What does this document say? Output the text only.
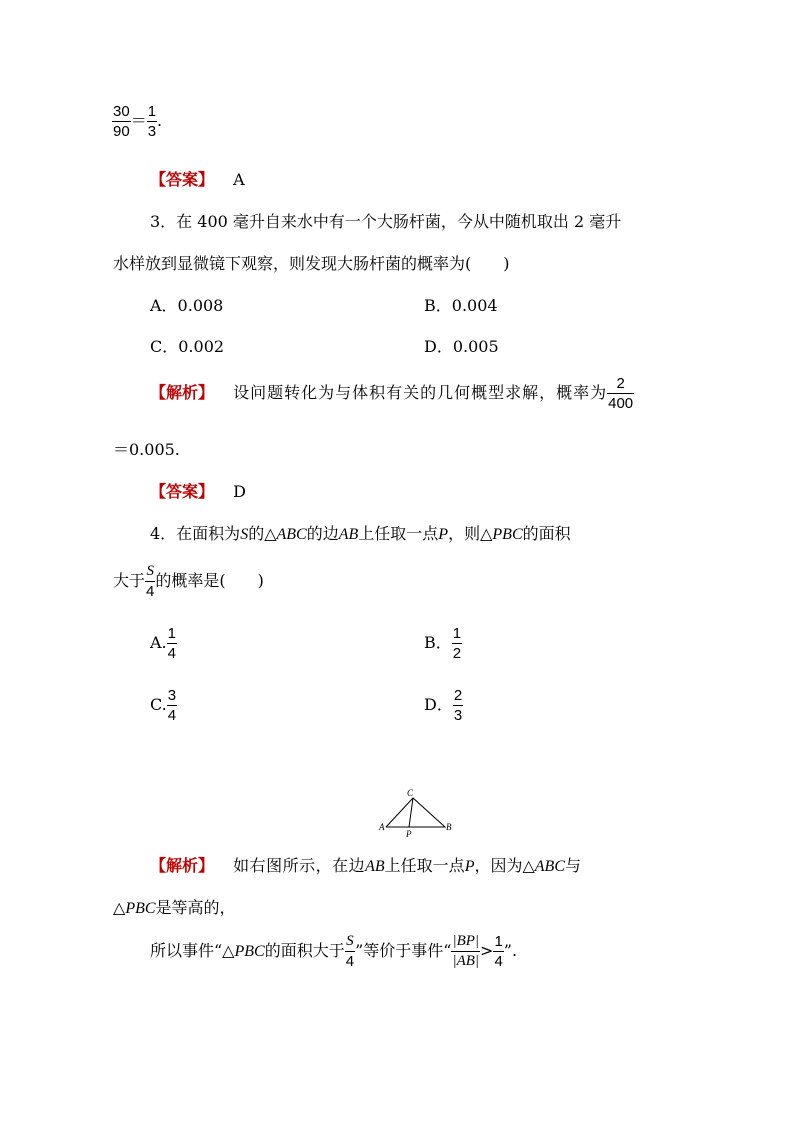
$\frac{30}{90} = \frac{1}{3}$ .
【答案】 A
3．在 400 毫升自来水中有一个大肠杆菌，今从中随机取出 2 毫升
水样放到显微镜下观察，则发现大肠杆菌的概率为(　　)
A．0.008	B．0.004
C．0.002	D．0.005
【解析】 设问题转化为与体积有关的几何概型求解，概率为 $\frac{2}{400}$
＝0.005.
【答案】 D
4．在面积为S的△ABC的边AB上任取一点P，则△PBC的面积
大于 $\frac{S}{4}$ 的概率是(　　)
A. $\frac{1}{4}$	B． $\frac{1}{2}$
C. $\frac{3}{4}$	D． $\frac{2}{3}$
A	B
C
P
【解析】 如右图所示，在边AB上任取一点P，因为△ABC与
△PBC是等高的，
所以事件“△PBC的面积大于 $\frac{S}{4}$ ”等价于事件“ $\frac{|BP|}{|AB|} > \frac{1}{4}$ ”.
